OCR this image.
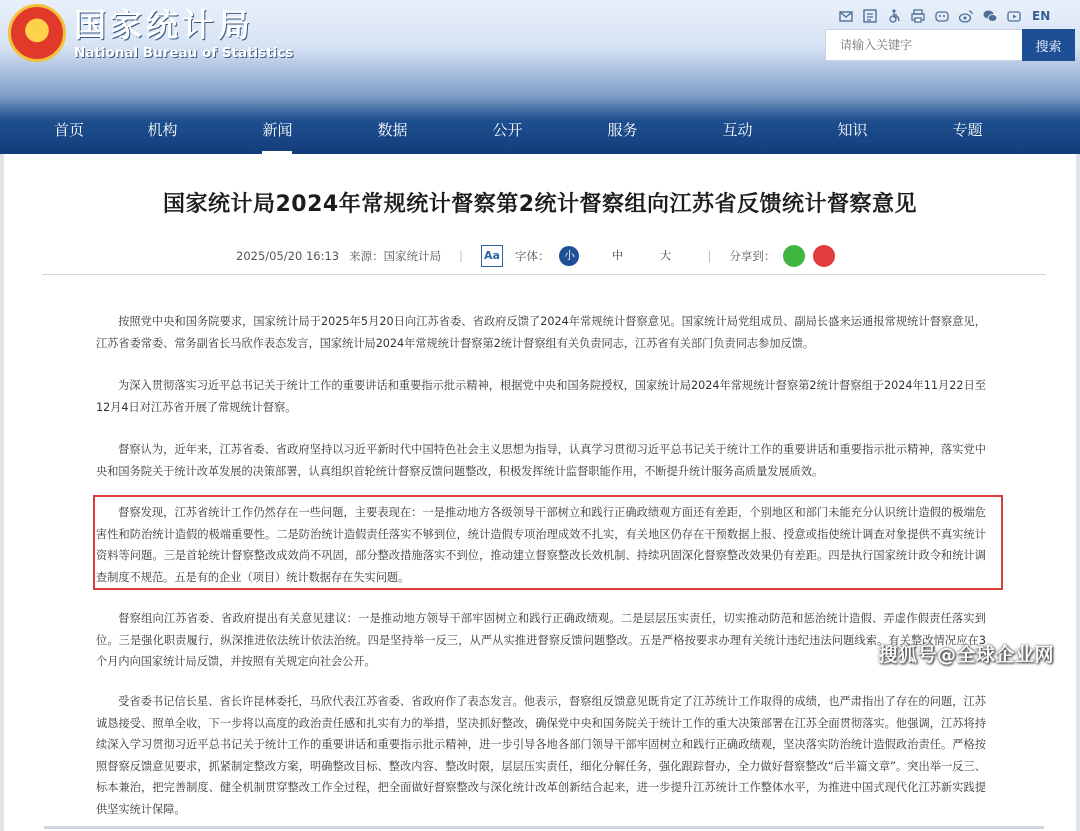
★
国家统计局
National Bureau of Statistics
EN
请输入关键字
搜索
首页	机构	新闻	数据	公开	服务	互动	知识	专题
国家统计局2024年常规统计督察第2统计督察组向江苏省反馈统计督察意见
2025/05/20 16:13 来源：国家统计局 | Aa 字体：	小	中	大	| 分享到：

按照党中央和国务院要求，国家统计局于2025年5月20日向江苏省委、省政府反馈了2024年常规统计督察意见。国家统计局党组成员、副局长盛来运通报常规统计督察意见，江苏省委常委、常务副省长马欣作表态发言，国家统计局2024年常规统计督察第2统计督察组有关负责同志，江苏省有关部门负责同志参加反馈。

为深入贯彻落实习近平总书记关于统计工作的重要讲话和重要指示批示精神，根据党中央和国务院授权，国家统计局2024年常规统计督察第2统计督察组于2024年11月22日至12月4日对江苏省开展了常规统计督察。

督察认为，近年来，江苏省委、省政府坚持以习近平新时代中国特色社会主义思想为指导，认真学习贯彻习近平总书记关于统计工作的重要讲话和重要指示批示精神，落实党中央和国务院关于统计改革发展的决策部署，认真组织首轮统计督察反馈问题整改，积极发挥统计监督职能作用，不断提升统计服务高质量发展质效。

督察发现，江苏省统计工作仍然存在一些问题，主要表现在：一是推动地方各级领导干部树立和践行正确政绩观方面还有差距，个别地区和部门未能充分认识统计造假的极端危害性和防治统计造假的极端重要性。二是防治统计造假责任落实不够到位，统计造假专项治理成效不扎实，有关地区仍存在干预数据上报、授意或指使统计调查对象提供不真实统计资料等问题。三是首轮统计督察整改成效尚不巩固，部分整改措施落实不到位，推动建立督察整改长效机制、持续巩固深化督察整改效果仍有差距。四是执行国家统计政令和统计调查制度不规范。五是有的企业（项目）统计数据存在失实问题。

督察组向江苏省委、省政府提出有关意见建议：一是推动地方领导干部牢固树立和践行正确政绩观。二是层层压实责任，切实推动防范和惩治统计造假、弄虚作假责任落实到位。三是强化职责履行，纵深推进依法统计依法治统。四是坚持举一反三，从严从实推进督察反馈问题整改。五是严格按要求办理有关统计违纪违法问题线索。有关整改情况应在3个月内向国家统计局反馈，并按照有关规定向社会公开。

受省委书记信长星、省长许昆林委托，马欣代表江苏省委、省政府作了表态发言。他表示，督察组反馈意见既肯定了江苏统计工作取得的成绩，也严肃指出了存在的问题，江苏诚恳接受、照单全收，下一步将以高度的政治责任感和扎实有力的举措，坚决抓好整改，确保党中央和国务院关于统计工作的重大决策部署在江苏全面贯彻落实。他强调，江苏将持续深入学习贯彻习近平总书记关于统计工作的重要讲话和重要指示批示精神，进一步引导各地各部门领导干部牢固树立和践行正确政绩观，坚决落实防治统计造假政治责任。严格按照督察反馈意见要求，抓紧制定整改方案，明确整改目标、整改内容、整改时限，层层压实责任，细化分解任务，强化跟踪督办，全力做好督察整改“后半篇文章”。突出举一反三、标本兼治，把完善制度、健全机制贯穿整改工作全过程，把全面做好督察整改与深化统计改革创新结合起来，进一步提升江苏统计工作整体水平，为推进中国式现代化江苏新实践提供坚实统计保障。

搜狐号@全球企业网
